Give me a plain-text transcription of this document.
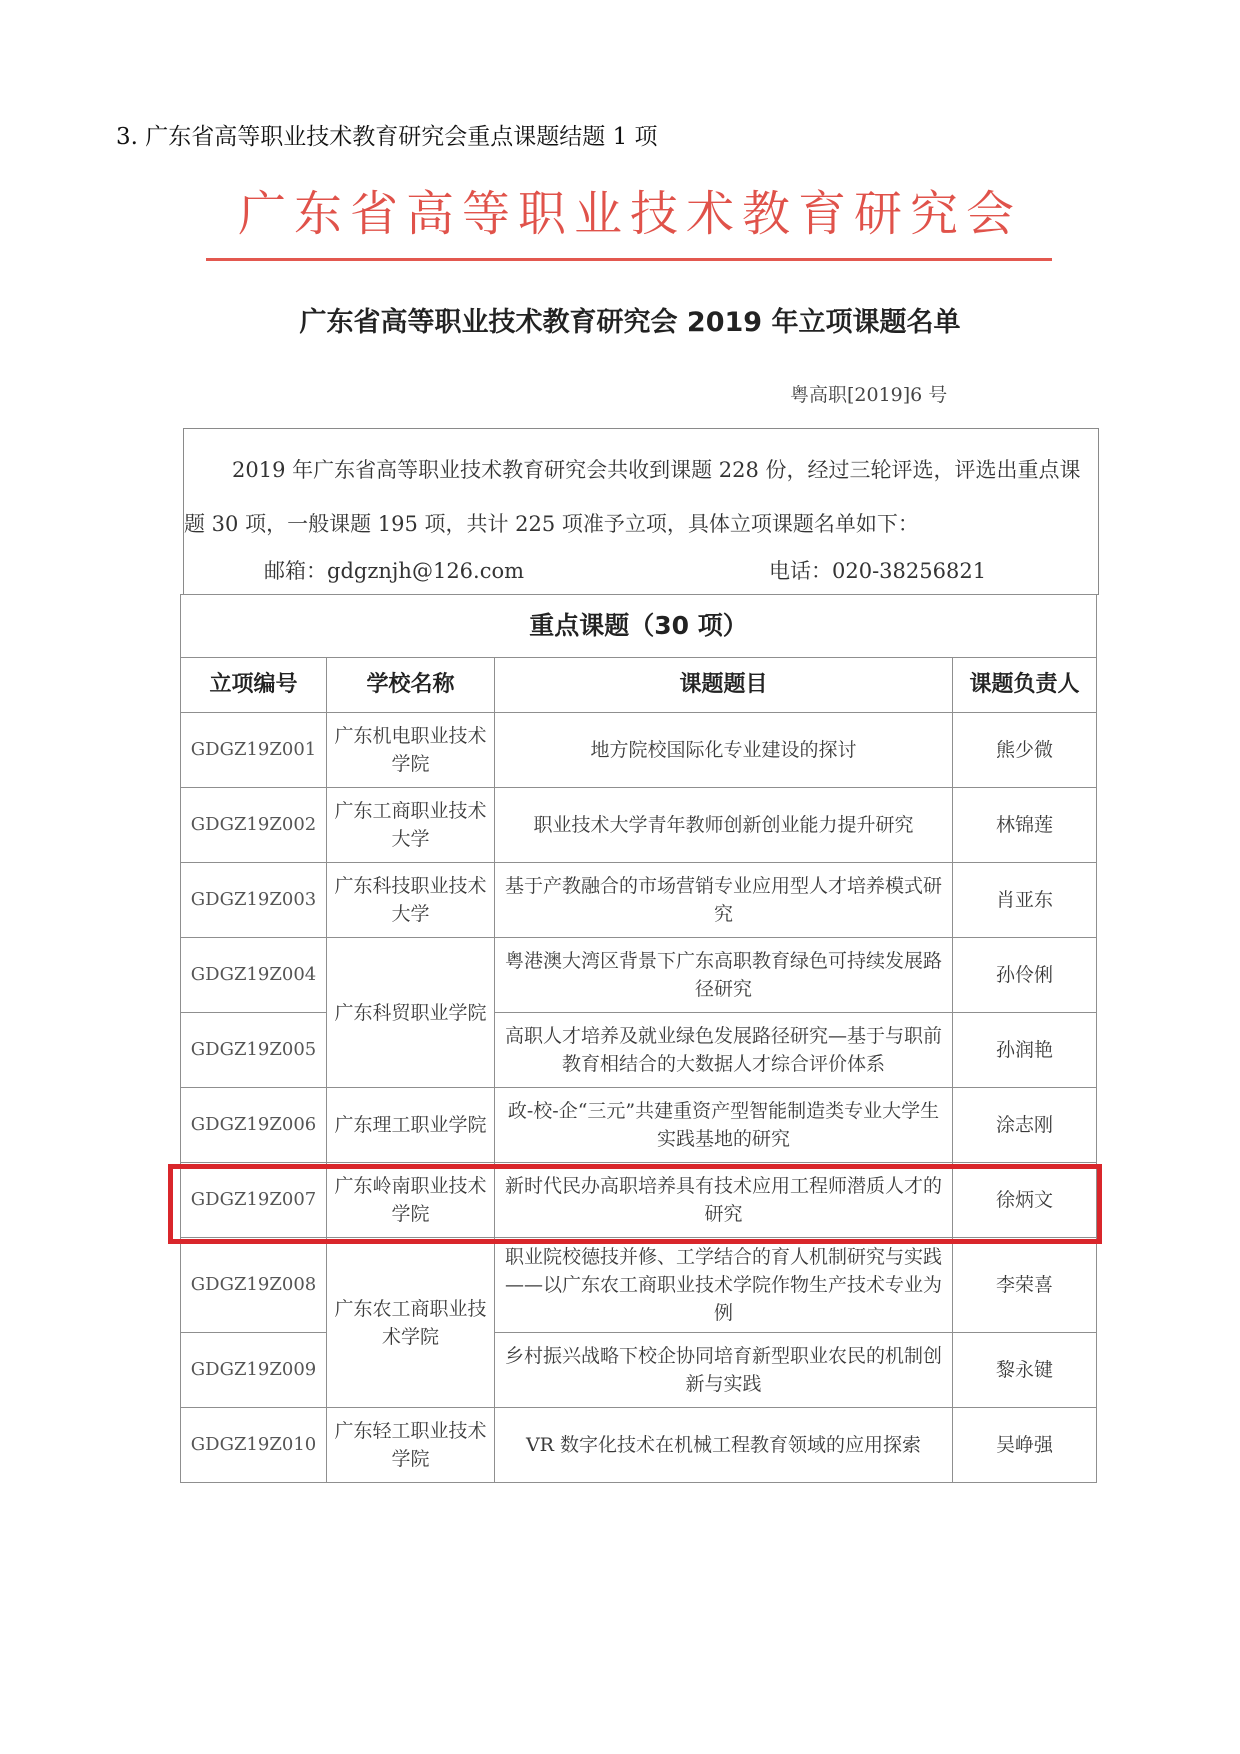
3. 广东省高等职业技术教育研究会重点课题结题 1 项
广东省高等职业技术教育研究会
广东省高等职业技术教育研究会 2019 年立项课题名单
粤高职[2019]6 号
2019 年广东省高等职业技术教育研究会共收到课题 228 份，经过三轮评选，评选出重点课题 30 项，一般课题 195 项，共计 225 项准予立项，具体立项课题名单如下：
邮箱：gdgznjh@126.com	电话：020-38256821
重点课题（30 项）			
立项编号	学校名称	课题题目	课题负责人
GDGZ19Z001	广东机电职业技术学院	地方院校国际化专业建设的探讨	熊少微
GDGZ19Z002	广东工商职业技术大学	职业技术大学青年教师创新创业能力提升研究	林锦莲
GDGZ19Z003	广东科技职业技术大学	基于产教融合的市场营销专业应用型人才培养模式研究	肖亚东
GDGZ19Z004	广东科贸职业学院	粤港澳大湾区背景下广东高职教育绿色可持续发展路径研究	孙伶俐
GDGZ19Z005		高职人才培养及就业绿色发展路径研究—基于与职前教育相结合的大数据人才综合评价体系	孙润艳
GDGZ19Z006	广东理工职业学院	政-校-企“三元”共建重资产型智能制造类专业大学生实践基地的研究	涂志刚
GDGZ19Z007	广东岭南职业技术学院	新时代民办高职培养具有技术应用工程师潜质人才的研究	徐炳文
GDGZ19Z008	广东农工商职业技术学院	职业院校德技并修、工学结合的育人机制研究与实践——以广东农工商职业技术学院作物生产技术专业为例	李荣喜
GDGZ19Z009		乡村振兴战略下校企协同培育新型职业农民的机制创新与实践	黎永键
GDGZ19Z010	广东轻工职业技术学院	VR 数字化技术在机械工程教育领域的应用探索	吴峥强
